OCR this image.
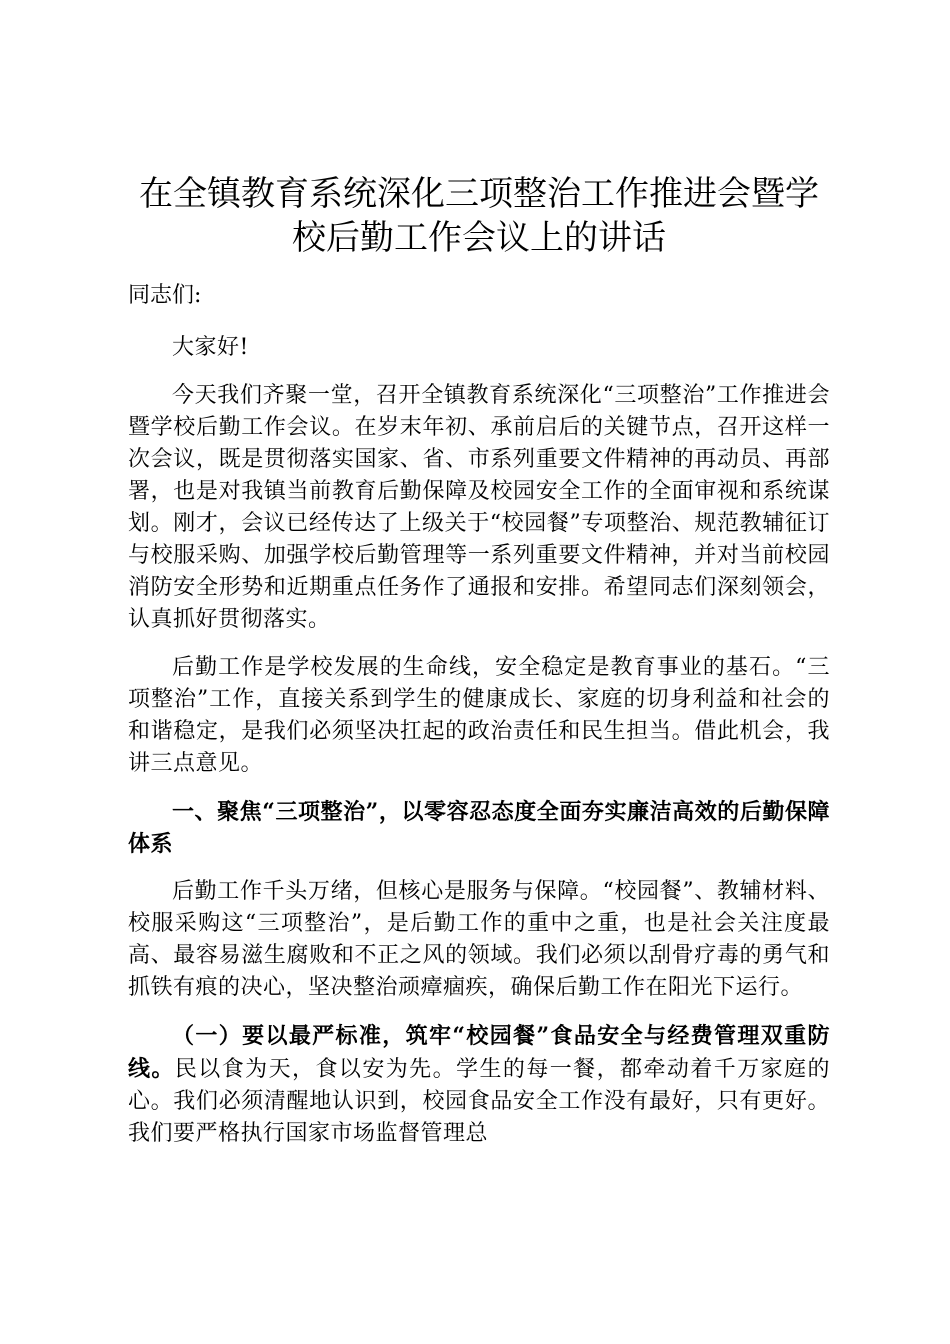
在全镇教育系统深化三项整治工作推进会暨学
校后勤工作会议上的讲话
同志们:

大家好!

今天我们齐聚一堂，召开全镇教育系统深化“三项整治”工作推进会暨学校后勤工作会议。在岁末年初、承前启后的关键节点，召开这样一次会议，既是贯彻落实国家、省、市系列重要文件精神的再动员、再部署，也是对我镇当前教育后勤保障及校园安全工作的全面审视和系统谋划。刚才，会议已经传达了上级关于“校园餐”专项整治、规范教辅征订与校服采购、加强学校后勤管理等一系列重要文件精神，并对当前校园消防安全形势和近期重点任务作了通报和安排。希望同志们深刻领会，认真抓好贯彻落实。

后勤工作是学校发展的生命线，安全稳定是教育事业的基石。“三项整治”工作，直接关系到学生的健康成长、家庭的切身利益和社会的和谐稳定，是我们必须坚决扛起的政治责任和民生担当。借此机会，我讲三点意见。

一、聚焦“三项整治”，以零容忍态度全面夯实廉洁高效的后勤保障体系

后勤工作千头万绪，但核心是服务与保障。“校园餐”、教辅材料、校服采购这“三项整治”，是后勤工作的重中之重，也是社会关注度最高、最容易滋生腐败和不正之风的领域。我们必须以刮骨疗毒的勇气和抓铁有痕的决心，坚决整治顽瘴痼疾，确保后勤工作在阳光下运行。

（一）要以最严标准，筑牢“校园餐”食品安全与经费管理双重防线。民以食为天，食以安为先。学生的每一餐，都牵动着千万家庭的心。我们必须清醒地认识到，校园食品安全工作没有最好，只有更好。我们要严格执行国家市场监督管理总
